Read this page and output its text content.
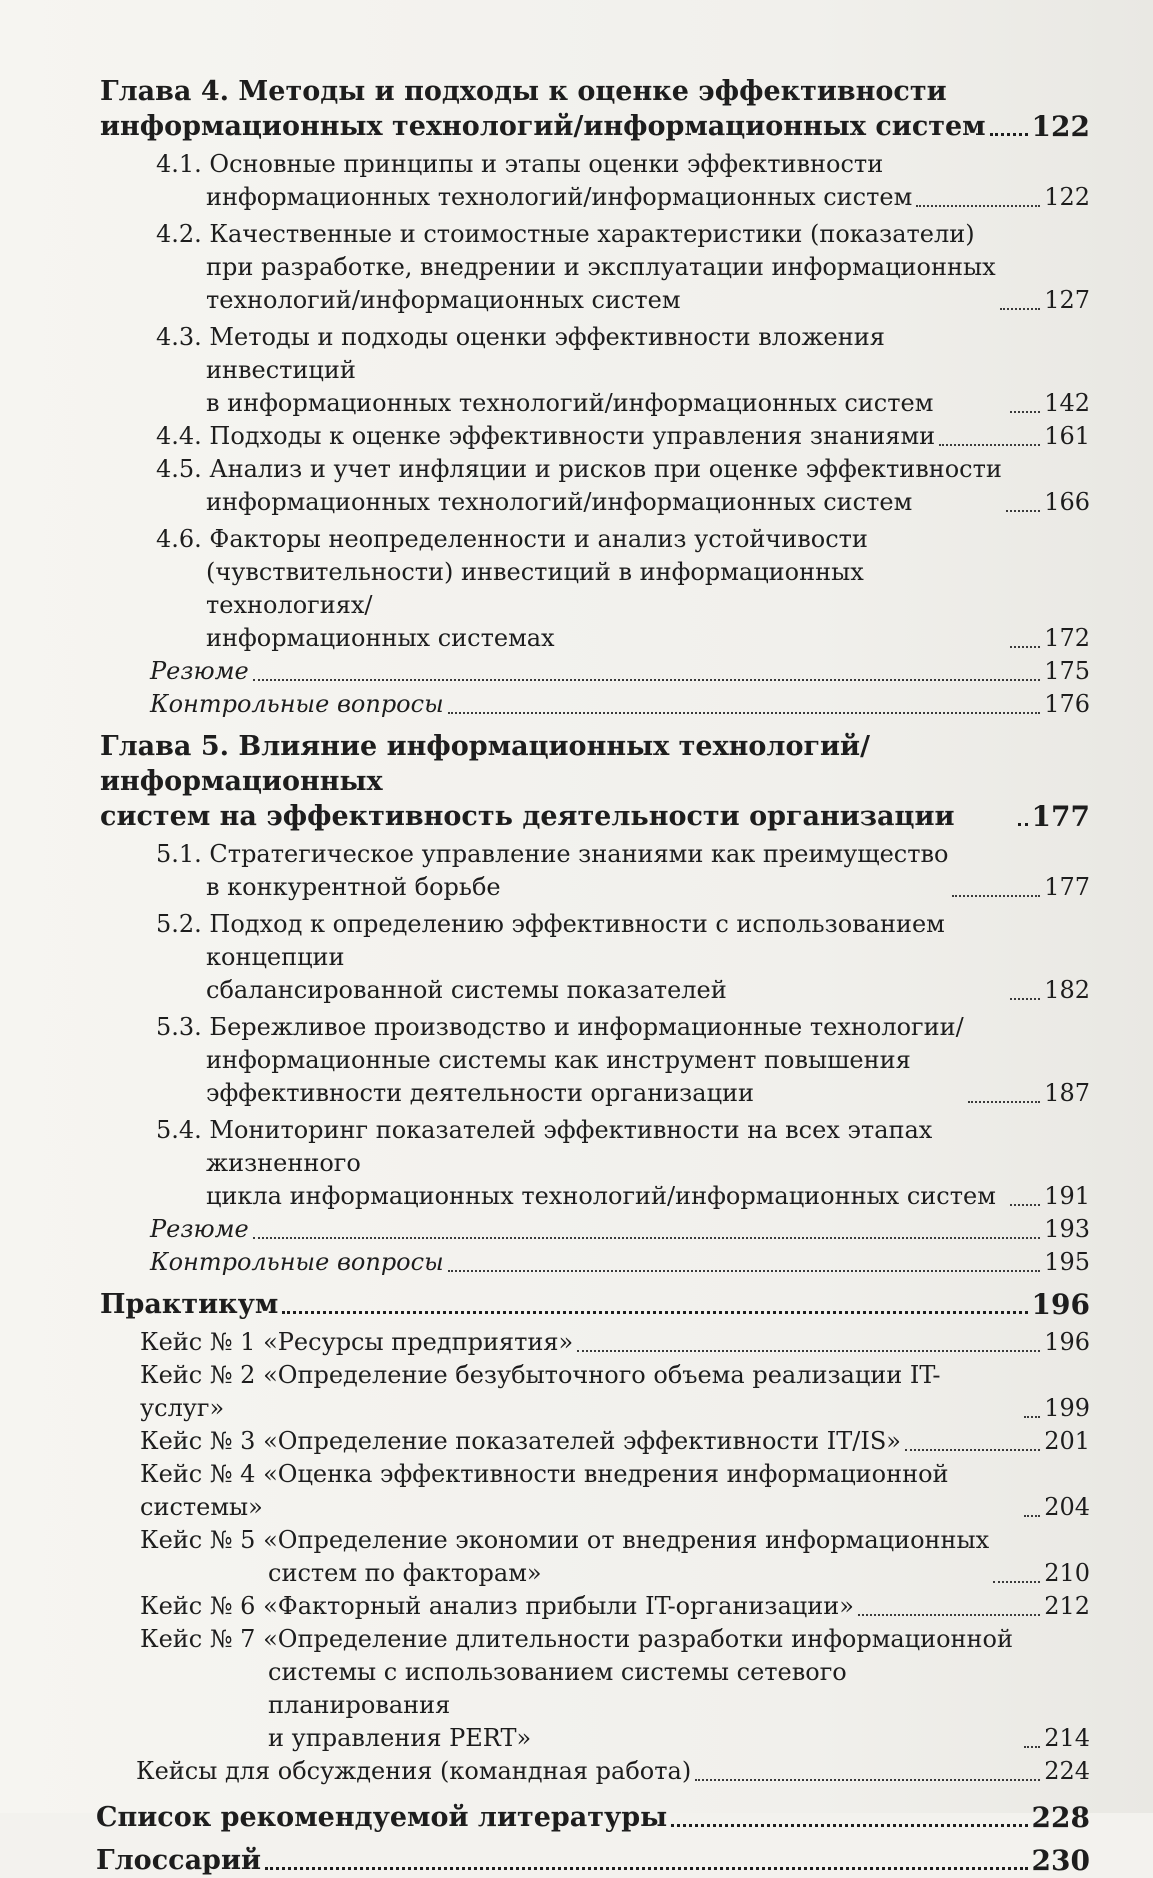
Глава 4. Методы и подходы к оценке эффективности
информационных технологий/информационных систем 122
4.1. Основные принципы и этапы оценки эффективности
информационных технологий/информационных систем	122
4.2. Качественные и стоимостные характеристики (показатели)
при разработке, внедрении и эксплуатации информационных
технологий/информационных систем	127
4.3. Методы и подходы оценки эффективности вложения инвестиций
в информационных технологий/информационных систем	142
4.4. Подходы к оценке эффективности управления знаниями	161
4.5. Анализ и учет инфляции и рисков при оценке эффективности
информационных технологий/информационных систем	166
4.6. Факторы неопределенности и анализ устойчивости
(чувствительности) инвестиций в информационных технологиях/
информационных системах	172
Резюме	175
Контрольные вопросы	176
Глава 5. Влияние информационных технологий/информационных
систем на эффективность деятельности организации	177
5.1. Стратегическое управление знаниями как преимущество
в конкурентной борьбе	177
5.2. Подход к определению эффективности с использованием концепции
сбалансированной системы показателей	182
5.3. Бережливое производство и информационные технологии/
информационные системы как инструмент повышения
эффективности деятельности организации	187
5.4. Мониторинг показателей эффективности на всех этапах жизненного
цикла информационных технологий/информационных систем	191
Резюме	193
Контрольные вопросы	195
Практикум	196
Кейс № 1 «Ресурсы предприятия»	196
Кейс № 2 «Определение безубыточного объема реализации IT-услуг»	199
Кейс № 3 «Определение показателей эффективности IT/IS»	201
Кейс № 4 «Оценка эффективности внедрения информационной системы»	204
Кейс № 5 «Определение экономии от внедрения информационных
систем по факторам»	210
Кейс № 6 «Факторный анализ прибыли IT-организации»	212
Кейс № 7 «Определение длительности разработки информационной
системы с использованием системы сетевого планирования
и управления PERT»	214
Кейсы для обсуждения (командная работа)	224
Список рекомендуемой литературы	228
Глоссарий	230
